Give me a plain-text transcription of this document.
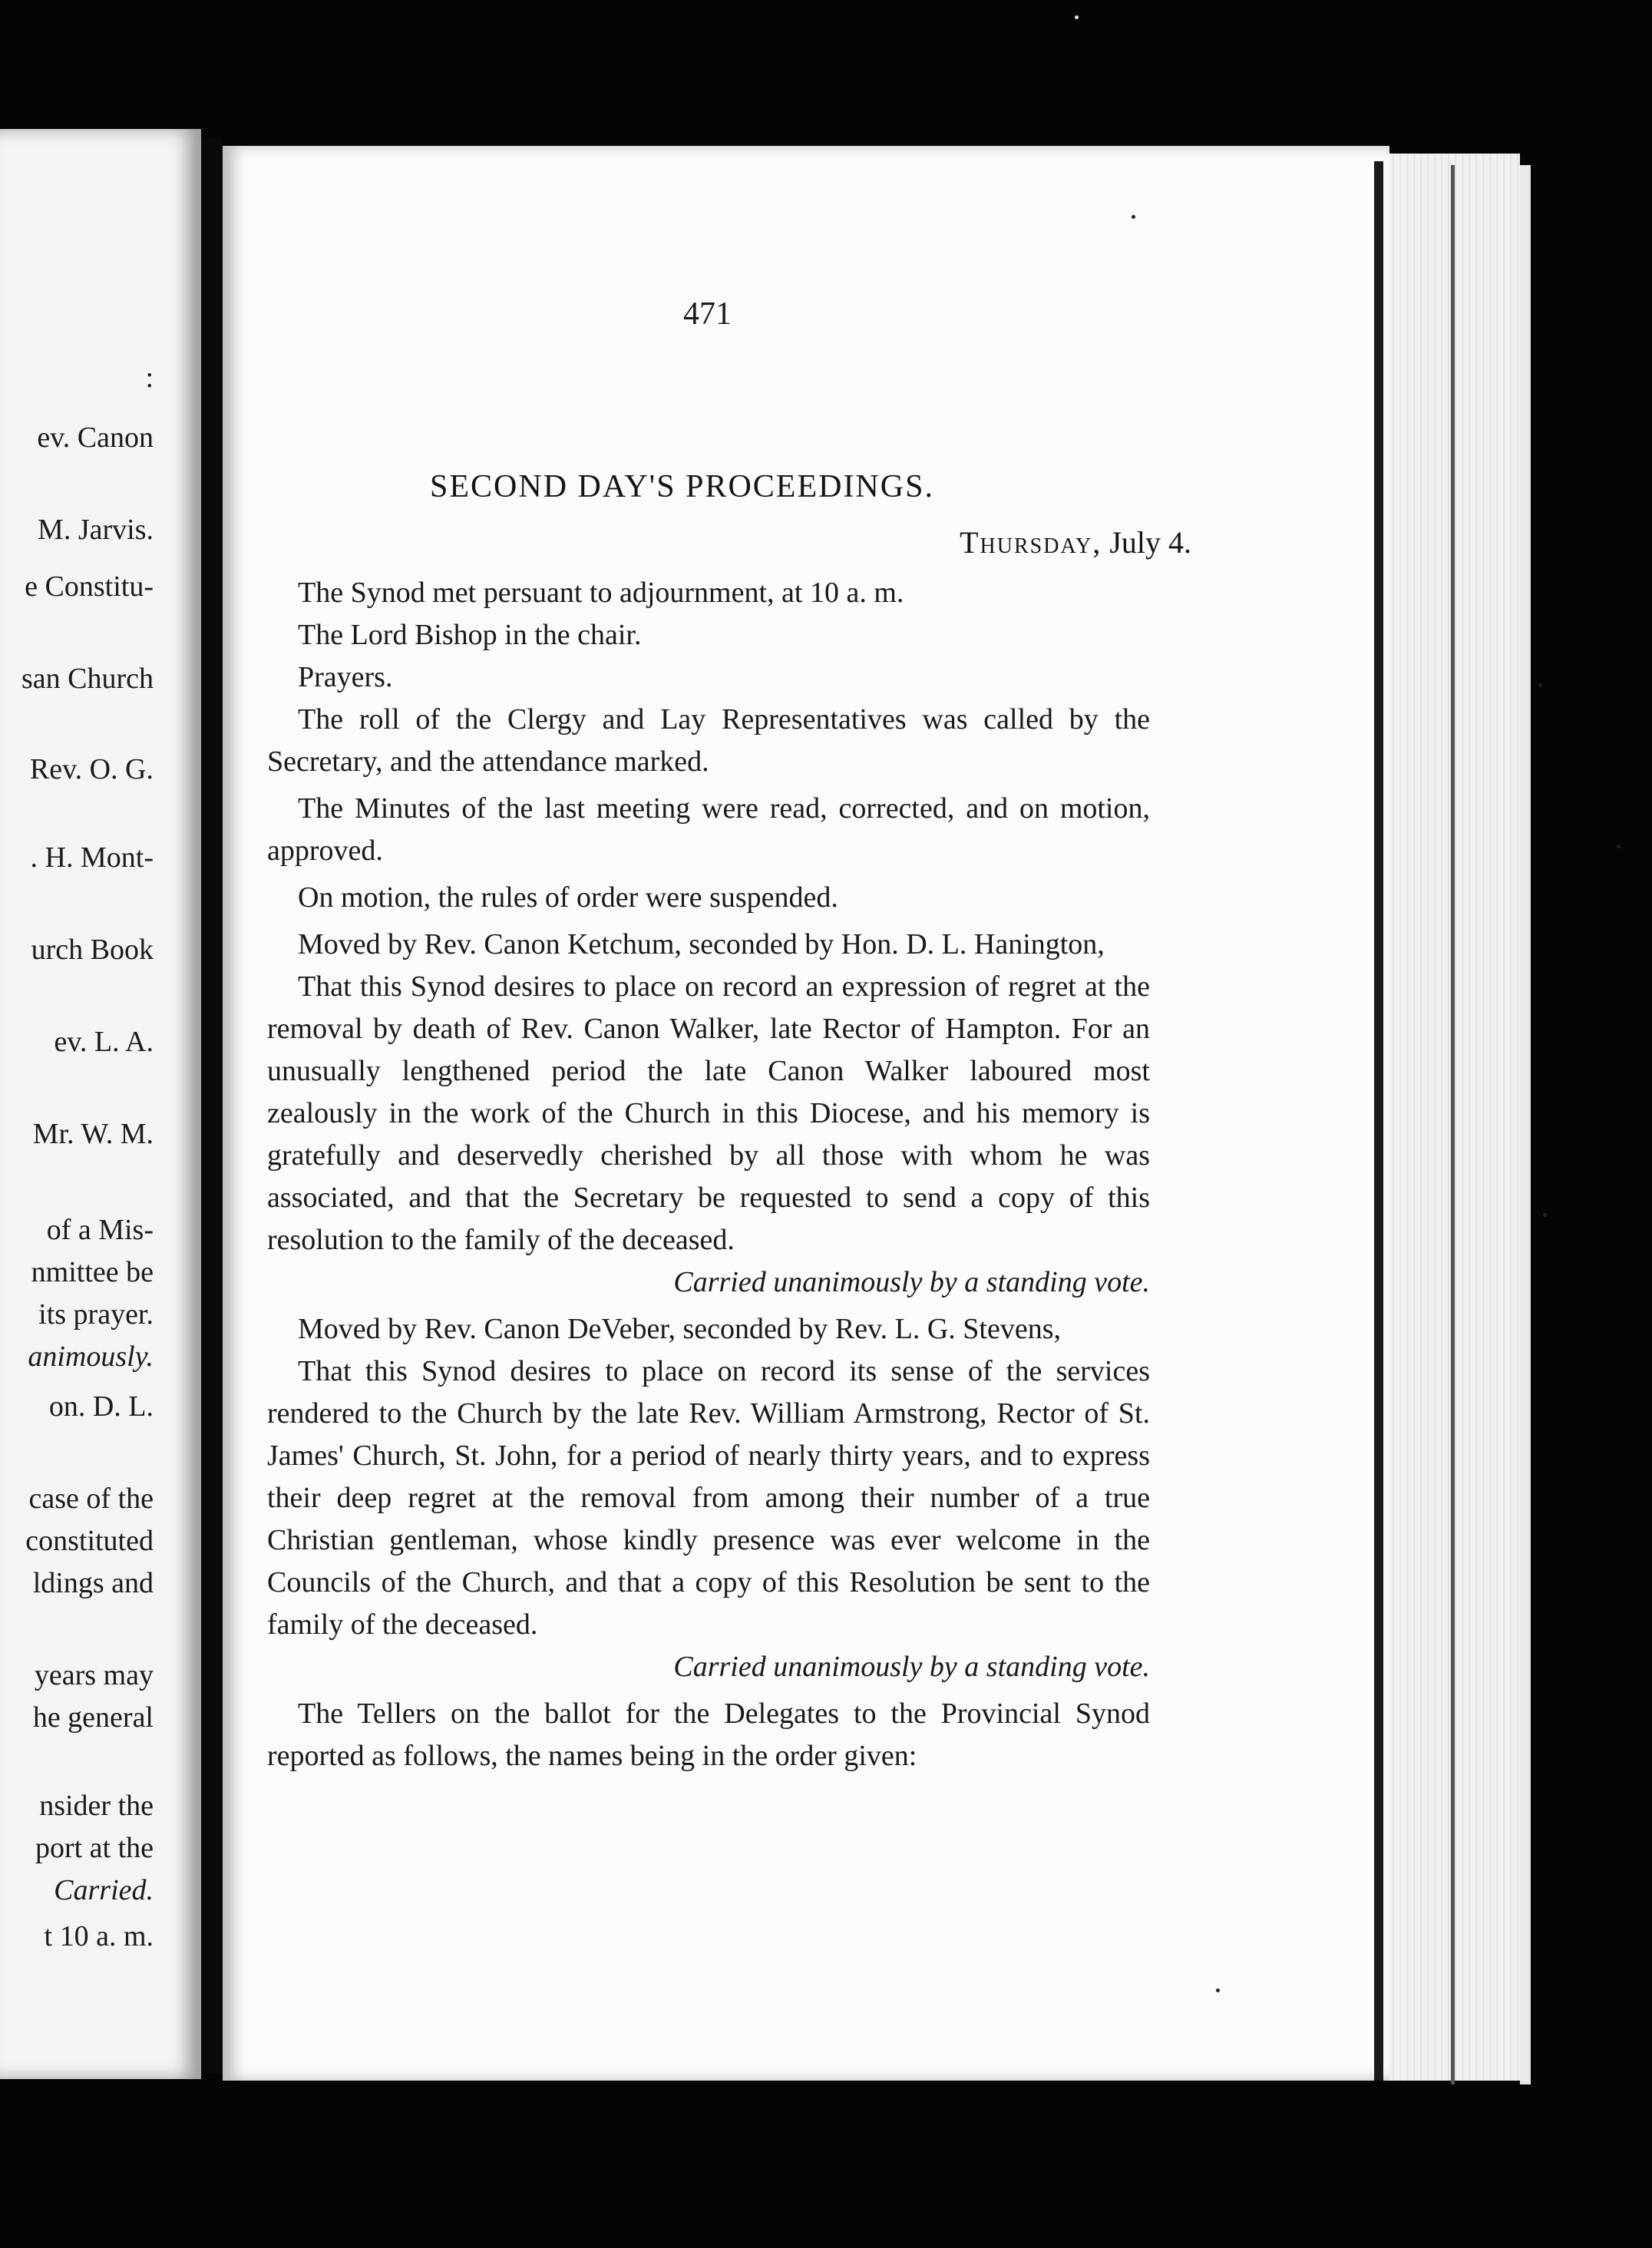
:
ev. Canon
M. Jarvis.
e Constitu-
san Church
Rev. O. G.
. H. Mont-
urch Book
ev. L. A.
Mr. W. M.
of a Mis-
nmittee be
its prayer.
animously.
on. D. L.
case of the
constituted
ldings and
years may
he general
nsider the
port at the
Carried.
t 10 a. m.
471
SECOND DAY'S PROCEEDINGS.
Thursday, July 4.

The Synod met persuant to adjournment, at 10 a. m.

The Lord Bishop in the chair.

Prayers.

The roll of the Clergy and Lay Representatives was called by the Secretary, and the attendance marked.

The Minutes of the last meeting were read, corrected, and on motion, approved.

On motion, the rules of order were suspended.

Moved by Rev. Canon Ketchum, seconded by Hon. D. L. Hanington,

That this Synod desires to place on record an expression of regret at the removal by death of Rev. Canon Walker, late Rector of Hampton. For an unusually lengthened period the late Canon Walker laboured most zealously in the work of the Church in this Diocese, and his memory is gratefully and deservedly cherished by all those with whom he was associated, and that the Secretary be requested to send a copy of this resolution to the family of the deceased.

Carried unanimously by a standing vote.

Moved by Rev. Canon DeVeber, seconded by Rev. L. G. Stevens,

That this Synod desires to place on record its sense of the services rendered to the Church by the late Rev. William Armstrong, Rector of St. James' Church, St. John, for a period of nearly thirty years, and to express their deep regret at the removal from among their number of a true Christian gentleman, whose kindly presence was ever welcome in the Councils of the Church, and that a copy of this Resolution be sent to the family of the deceased.

Carried unanimously by a standing vote.

The Tellers on the ballot for the Delegates to the Provincial Synod reported as follows, the names being in the order given:
